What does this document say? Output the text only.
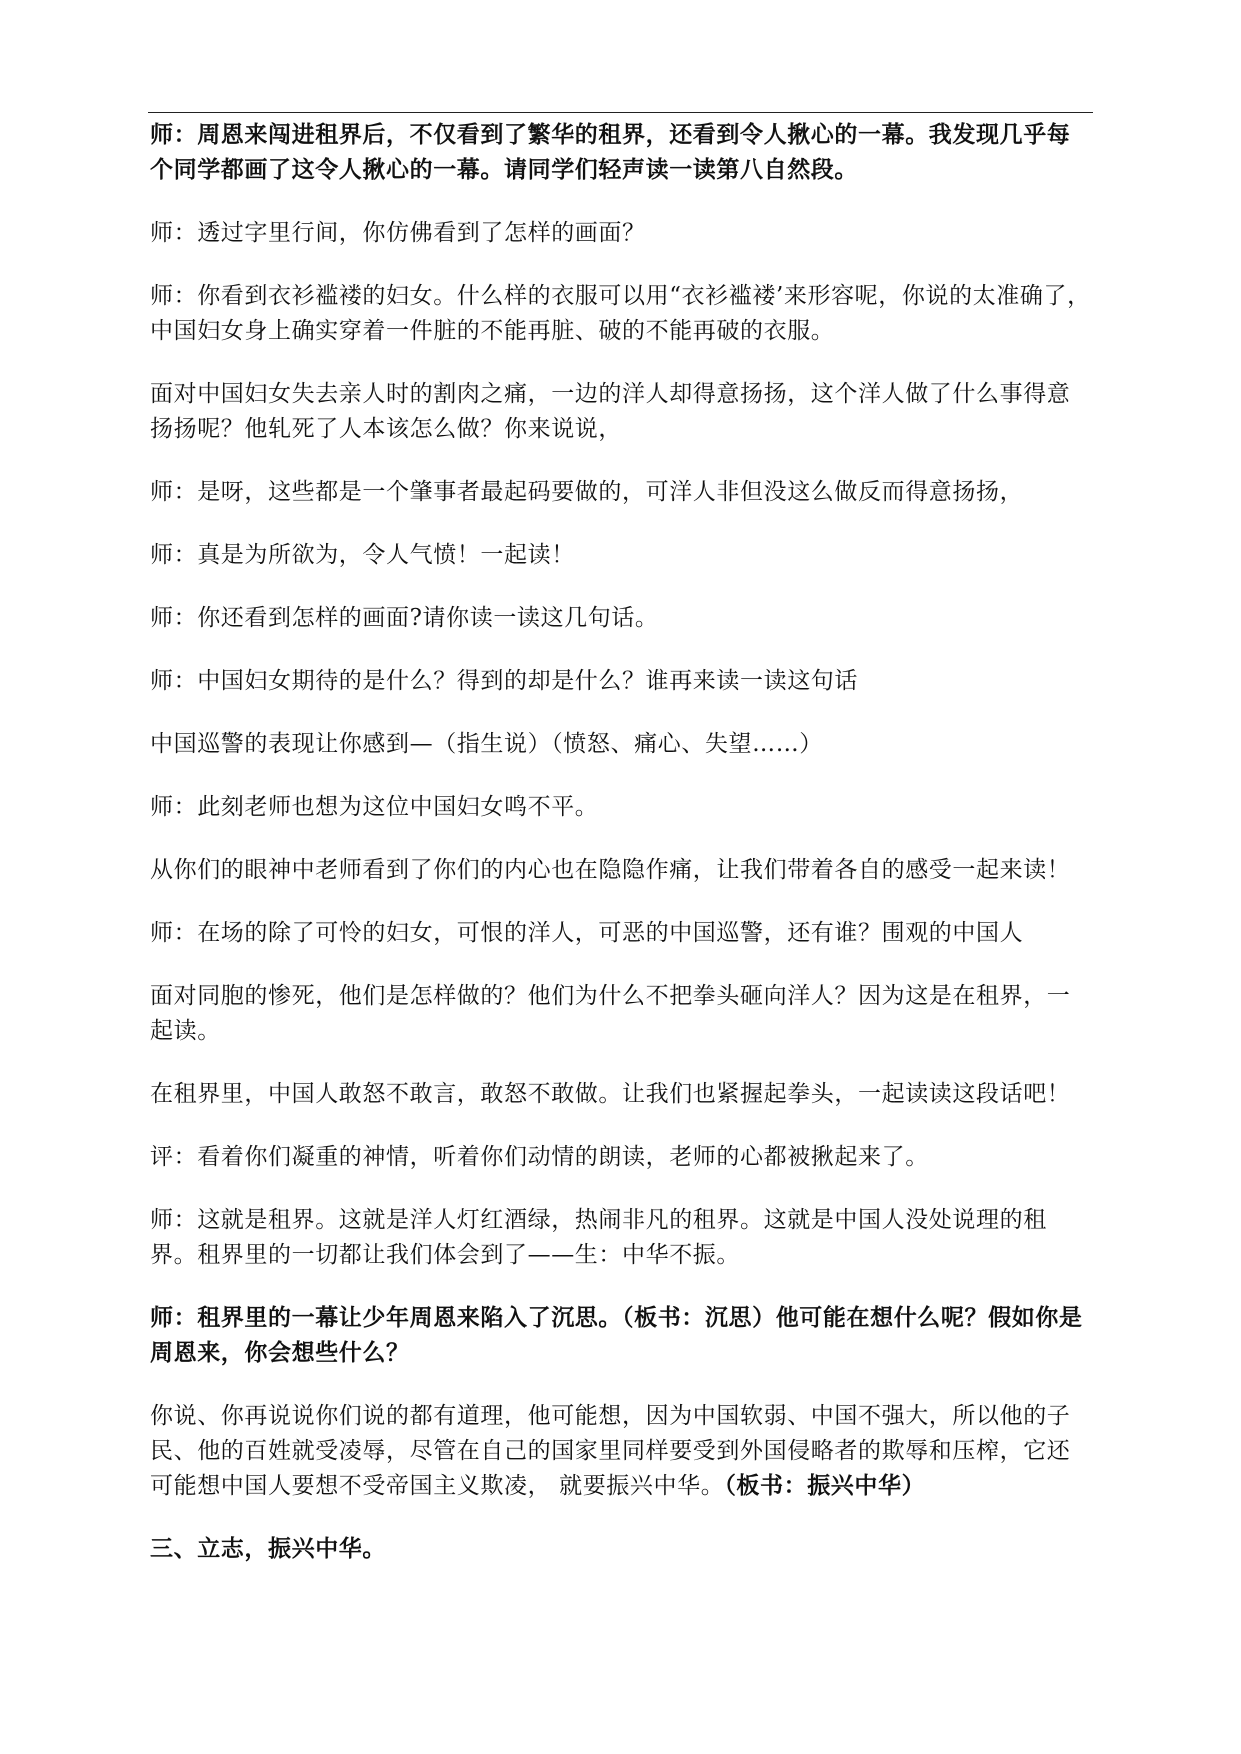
师：周恩来闯进租界后，不仅看到了繁华的租界，还看到令人揪心的一幕。我发现几乎每个同学都画了这令人揪心的一幕。请同学们轻声读一读第八自然段。

师：透过字里行间，你仿佛看到了怎样的画面？

师：你看到衣衫褴褛的妇女。什么样的衣服可以用“衣衫褴褛’来形容呢，你说的太准确了，中国妇女身上确实穿着一件脏的不能再脏、破的不能再破的衣服。

面对中国妇女失去亲人时的割肉之痛，一边的洋人却得意扬扬，这个洋人做了什么事得意扬扬呢？他轧死了人本该怎么做？你来说说，

师：是呀，这些都是一个肇事者最起码要做的，可洋人非但没这么做反而得意扬扬，

师：真是为所欲为，令人气愤！一起读！

师：你还看到怎样的画面?请你读一读这几句话。

师：中国妇女期待的是什么？得到的却是什么？谁再来读一读这句话

中国巡警的表现让你感到—（指生说）（愤怒、痛心、失望……）

师：此刻老师也想为这位中国妇女鸣不平。

从你们的眼神中老师看到了你们的内心也在隐隐作痛，让我们带着各自的感受一起来读！

师：在场的除了可怜的妇女，可恨的洋人，可恶的中国巡警，还有谁？围观的中国人

面对同胞的惨死，他们是怎样做的？他们为什么不把拳头砸向洋人？因为这是在租界，一起读。

在租界里，中国人敢怒不敢言，敢怒不敢做。让我们也紧握起拳头，一起读读这段话吧！

评：看着你们凝重的神情，听着你们动情的朗读，老师的心都被揪起来了。

师：这就是租界。这就是洋人灯红酒绿，热闹非凡的租界。这就是中国人没处说理的租界。租界里的一切都让我们体会到了——生：中华不振。

师：租界里的一幕让少年周恩来陷入了沉思。（板书：沉思）他可能在想什么呢？假如你是周恩来，你会想些什么？

你说、你再说说你们说的都有道理，他可能想，因为中国软弱、中国不强大，所以他的子民、他的百姓就受凌辱，尽管在自己的国家里同样要受到外国侵略者的欺辱和压榨，它还可能想中国人要想不受帝国主义欺凌， 就要振兴中华。（板书：振兴中华）

三、立志，振兴中华。
